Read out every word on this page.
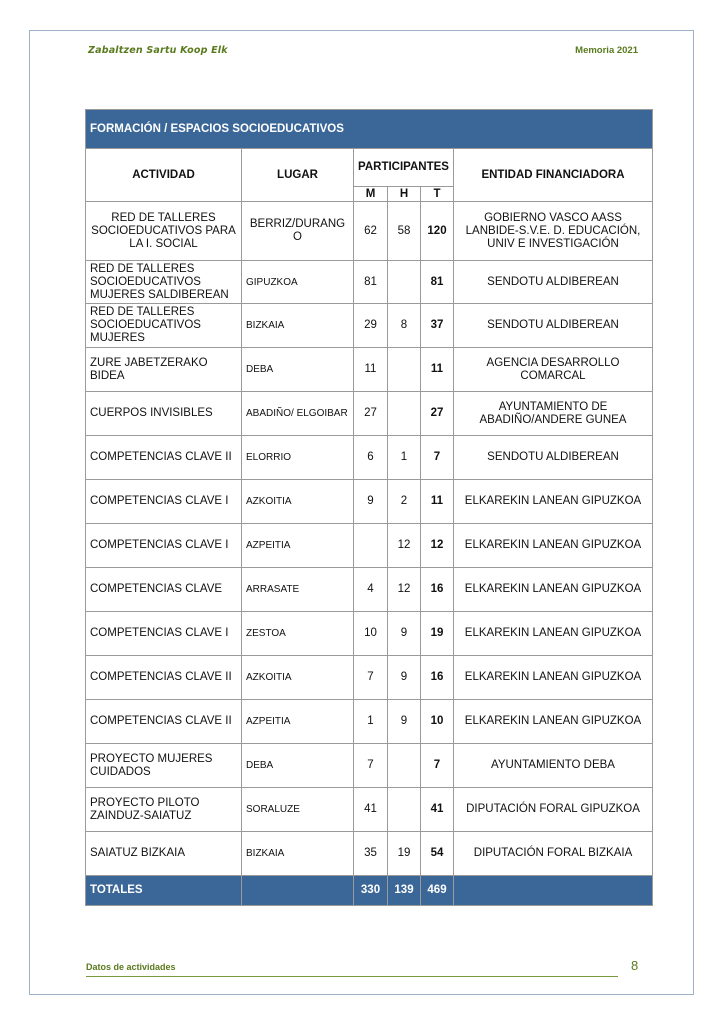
Zabaltzen Sartu Koop Elk	Memoria 2021
FORMACIÓN / ESPACIOS SOCIOEDUCATIVOS					
ACTIVIDAD	LUGAR	PARTICIPANTES			ENTIDAD FINANCIADORA
		M	H	T	
RED DE TALLERES SOCIOEDUCATIVOS PARA LA I. SOCIAL	BERRIZ/DURANGO	62	58	120	GOBIERNO VASCO AASS LANBIDE-S.V.E. D. EDUCACIÓN, UNIV E INVESTIGACIÓN
RED DE TALLERES SOCIOEDUCATIVOS MUJERES SALDIBEREAN	GIPUZKOA	81		81	SENDOTU ALDIBEREAN
RED DE TALLERES SOCIOEDUCATIVOS MUJERES	BIZKAIA	29	8	37	SENDOTU ALDIBEREAN
ZURE JABETZERAKO BIDEA	DEBA	11		11	AGENCIA DESARROLLO COMARCAL
CUERPOS INVISIBLES	ABADIÑO/ ELGOIBAR	27		27	AYUNTAMIENTO DE ABADIÑO/ANDERE GUNEA
COMPETENCIAS CLAVE II	ELORRIO	6	1	7	SENDOTU ALDIBEREAN
COMPETENCIAS CLAVE I	AZKOITIA	9	2	11	ELKAREKIN LANEAN GIPUZKOA
COMPETENCIAS CLAVE I	AZPEITIA		12	12	ELKAREKIN LANEAN GIPUZKOA
COMPETENCIAS CLAVE	ARRASATE	4	12	16	ELKAREKIN LANEAN GIPUZKOA
COMPETENCIAS CLAVE I	ZESTOA	10	9	19	ELKAREKIN LANEAN GIPUZKOA
COMPETENCIAS CLAVE II	AZKOITIA	7	9	16	ELKAREKIN LANEAN GIPUZKOA
COMPETENCIAS CLAVE II	AZPEITIA	1	9	10	ELKAREKIN LANEAN GIPUZKOA
PROYECTO MUJERES CUIDADOS	DEBA	7		7	AYUNTAMIENTO DEBA
PROYECTO PILOTO ZAINDUZ-SAIATUZ	SORALUZE	41		41	DIPUTACIÓN FORAL GIPUZKOA
SAIATUZ BIZKAIA	BIZKAIA	35	19	54	DIPUTACIÓN FORAL BIZKAIA
TOTALES		330	139	469	
Datos de actividades	8
